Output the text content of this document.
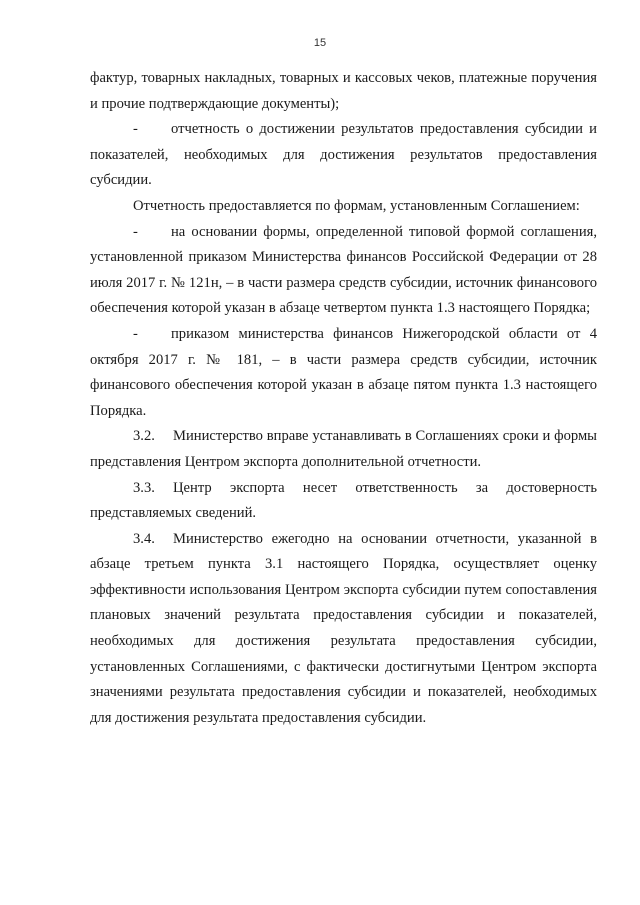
15

фактур, товарных накладных, товарных и кассовых чеков, платежные поручения и прочие подтверждающие документы);

- отчетность о достижении результатов предоставления субсидии и показателей, необходимых для достижения результатов предоставления субсидии.

Отчетность предоставляется по формам, установленным Соглашением:

- на основании формы, определенной типовой формой соглашения, установленной приказом Министерства финансов Российской Федерации от 28 июля 2017 г. № 121н, – в части размера средств субсидии, источник финансового обеспечения которой указан в абзаце четвертом пункта 1.3 настоящего Порядка;

- приказом министерства финансов Нижегородской области от 4 октября 2017 г. № 181, – в части размера средств субсидии, источник финансового обеспечения которой указан в абзаце пятом пункта 1.3 настоящего Порядка.

3.2. Министерство вправе устанавливать в Соглашениях сроки и формы представления Центром экспорта дополнительной отчетности.

3.3. Центр экспорта несет ответственность за достоверность представляемых сведений.

3.4. Министерство ежегодно на основании отчетности, указанной в абзаце третьем пункта 3.1 настоящего Порядка, осуществляет оценку эффективности использования Центром экспорта субсидии путем сопоставления плановых значений результата предоставления субсидии и показателей, необходимых для достижения результата предоставления субсидии, установленных Соглашениями, с фактически достигнутыми Центром экспорта значениями результата предоставления субсидии и показателей, необходимых для достижения результата предоставления субсидии.
